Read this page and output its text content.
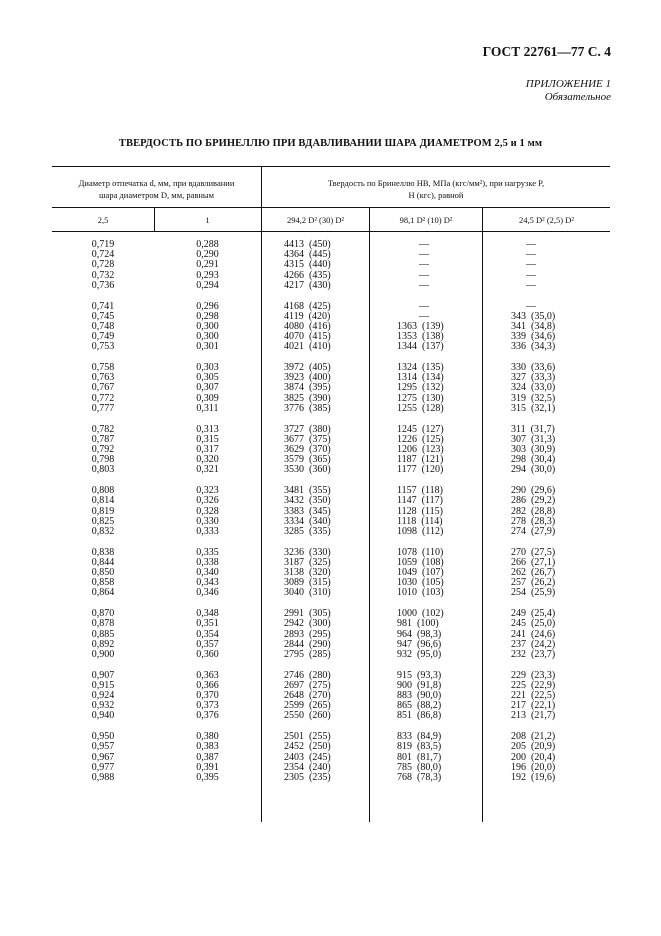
ГОСТ 22761—77 С. 4
ПРИЛОЖЕНИЕ 1
Обязательное
ТВЕРДОСТЬ ПО БРИНЕЛЛЮ ПРИ ВДАВЛИВАНИИ ШАРА ДИАМЕТРОМ 2,5 и 1 мм
Диаметр отпечатка d, мм, при вдавливании
шара диаметром D, мм, равным
Твердость по Бринеллю НВ, МПа (кгс/мм²), при нагрузке P,
Н (кгс), равной
2,5	1	294,2 D² (30) D²	98,1 D² (10) D²	24,5 D² (2,5) D²
0,719	0,288	4413  (450)	—	—
0,724	0,290	4364  (445)	—	—
0,728	0,291	4315  (440)	—	—
0,732	0,293	4266  (435)	—	—
0,736	0,294	4217  (430)	—	—
0,741	0,296	4168  (425)	—	—
0,745	0,298	4119  (420)	—	343  (35,0)
0,748	0,300	4080  (416)	1363  (139)	341  (34,8)
0,749	0,300	4070  (415)	1353  (138)	339  (34,6)
0,753	0,301	4021  (410)	1344  (137)	336  (34,3)
0,758	0,303	3972  (405)	1324  (135)	330  (33,6)
0,763	0,305	3923  (400)	1314  (134)	327  (33,3)
0,767	0,307	3874  (395)	1295  (132)	324  (33,0)
0,772	0,309	3825  (390)	1275  (130)	319  (32,5)
0,777	0,311	3776  (385)	1255  (128)	315  (32,1)
0,782	0,313	3727  (380)	1245  (127)	311  (31,7)
0,787	0,315	3677  (375)	1226  (125)	307  (31,3)
0,792	0,317	3629  (370)	1206  (123)	303  (30,9)
0,798	0,320	3579  (365)	1187  (121)	298  (30,4)
0,803	0,321	3530  (360)	1177  (120)	294  (30,0)
0,808	0,323	3481  (355)	1157  (118)	290  (29,6)
0,814	0,326	3432  (350)	1147  (117)	286  (29,2)
0,819	0,328	3383  (345)	1128  (115)	282  (28,8)
0,825	0,330	3334  (340)	1118  (114)	278  (28,3)
0,832	0,333	3285  (335)	1098  (112)	274  (27,9)
0,838	0,335	3236  (330)	1078  (110)	270  (27,5)
0,844	0,338	3187  (325)	1059  (108)	266  (27,1)
0,850	0,340	3138  (320)	1049  (107)	262  (26,7)
0,858	0,343	3089  (315)	1030  (105)	257  (26,2)
0,864	0,346	3040  (310)	1010  (103)	254  (25,9)
0,870	0,348	2991  (305)	1000  (102)	249  (25,4)
0,878	0,351	2942  (300)	981  (100)	245  (25,0)
0,885	0,354	2893  (295)	964  (98,3)	241  (24,6)
0,892	0,357	2844  (290)	947  (96,6)	237  (24,2)
0,900	0,360	2795  (285)	932  (95,0)	232  (23,7)
0,907	0,363	2746  (280)	915  (93,3)	229  (23,3)
0,915	0,366	2697  (275)	900  (91,8)	225  (22,9)
0,924	0,370	2648  (270)	883  (90,0)	221  (22,5)
0,932	0,373	2599  (265)	865  (88,2)	217  (22,1)
0,940	0,376	2550  (260)	851  (86,8)	213  (21,7)
0,950	0,380	2501  (255)	833  (84,9)	208  (21,2)
0,957	0,383	2452  (250)	819  (83,5)	205  (20,9)
0,967	0,387	2403  (245)	801  (81,7)	200  (20,4)
0,977	0,391	2354  (240)	785  (80,0)	196  (20,0)
0,988	0,395	2305  (235)	768  (78,3)	192  (19,6)
